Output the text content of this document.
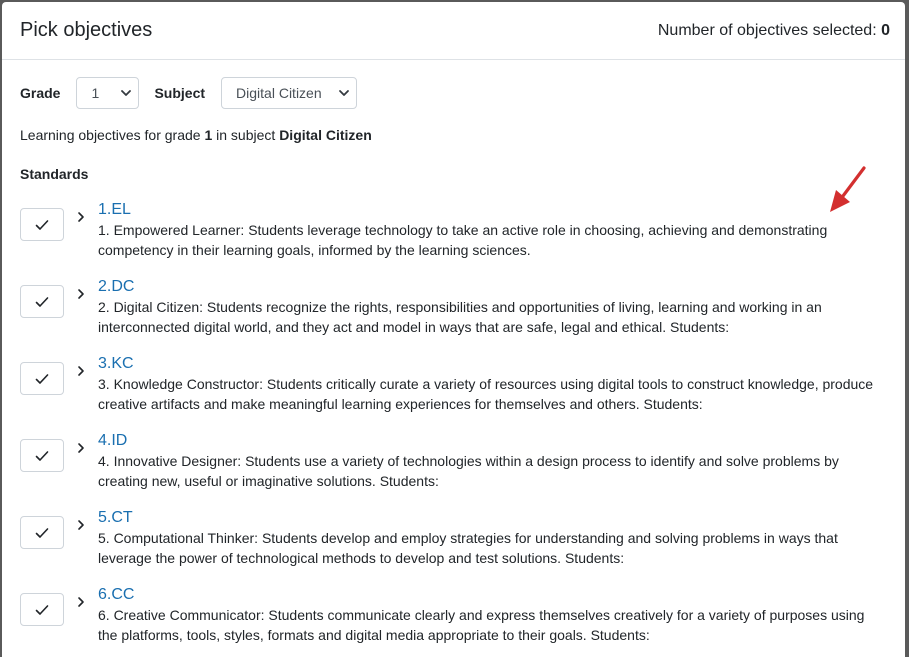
Pick objectives	Number of objectives selected: 0
Grade	1	Subject	Digital Citizen
Learning objectives for grade 1 in subject Digital Citizen
Standards
1.EL

1. Empowered Learner: Students leverage technology to take an active role in choosing, achieving and demonstrating competency in their learning goals, informed by the learning sciences.

2.DC

2. Digital Citizen: Students recognize the rights, responsibilities and opportunities of living, learning and working in an interconnected digital world, and they act and model in ways that are safe, legal and ethical. Students:

3.KC

3. Knowledge Constructor: Students critically curate a variety of resources using digital tools to construct knowledge, produce creative artifacts and make meaningful learning experiences for themselves and others. Students:

4.ID

4. Innovative Designer: Students use a variety of technologies within a design process to identify and solve problems by creating new, useful or imaginative solutions. Students:

5.CT

5. Computational Thinker: Students develop and employ strategies for understanding and solving problems in ways that leverage the power of technological methods to develop and test solutions. Students:

6.CC

6. Creative Communicator: Students communicate clearly and express themselves creatively for a variety of purposes using the platforms, tools, styles, formats and digital media appropriate to their goals. Students:
